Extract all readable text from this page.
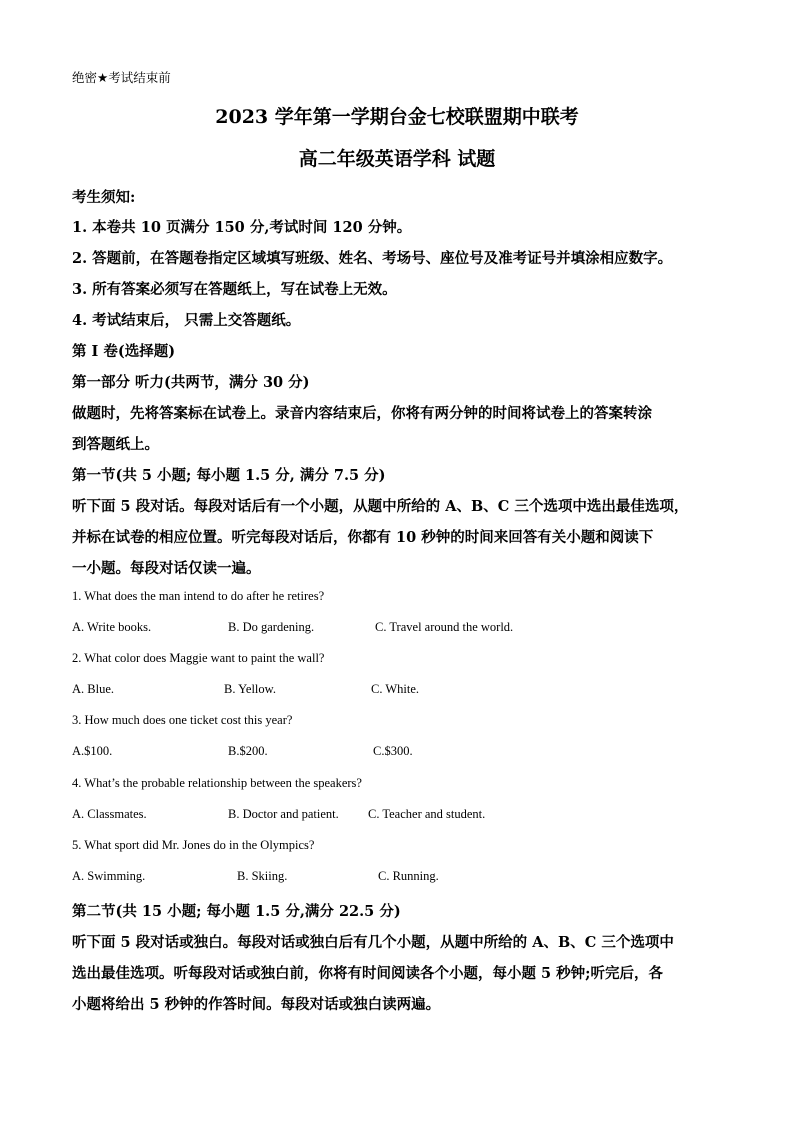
绝密★考试结束前
2023 学年第一学期台金七校联盟期中联考
高二年级英语学科 试题
考生须知:
1. 本卷共 10 页满分 150 分,考试时间 120 分钟。
2. 答题前，在答题卷指定区域填写班级、姓名、考场号、座位号及准考证号并填涂相应数字。
3. 所有答案必须写在答题纸上，写在试卷上无效。
4. 考试结束后， 只需上交答题纸。
第 I 卷(选择题)
第一部分 听力(共两节，满分 30 分)
做题时，先将答案标在试卷上。录音内容结束后，你将有两分钟的时间将试卷上的答案转涂
到答题纸上。
第一节(共 5 小题; 每小题 1.5 分, 满分 7.5 分)
听下面 5 段对话。每段对话后有一个小题，从题中所给的 A、B、C 三个选项中选出最佳选项，
并标在试卷的相应位置。听完每段对话后，你都有 10 秒钟的时间来回答有关小题和阅读下
一小题。每段对话仅读一遍。
1. What does the man intend to do after he retires?
A. Write books.	B. Do gardening.	C. Travel around the world.
2. What color does Maggie want to paint the wall?
A. Blue.	B. Yellow.	C. White.
3. How much does one ticket cost this year?
A.$100.	B.$200.	C.$300.
4. What’s the probable relationship between the speakers?
A. Classmates.	B. Doctor and patient. C. Teacher and student.
5. What sport did Mr. Jones do in the Olympics?
A. Swimming.	B. Skiing.	C. Running.
第二节(共 15 小题; 每小题 1.5 分,满分 22.5 分)
听下面 5 段对话或独白。每段对话或独白后有几个小题，从题中所给的 A、B、C 三个选项中
选出最佳选项。听每段对话或独白前，你将有时间阅读各个小题，每小题 5 秒钟;听完后，各
小题将给出 5 秒钟的作答时间。每段对话或独白读两遍。
